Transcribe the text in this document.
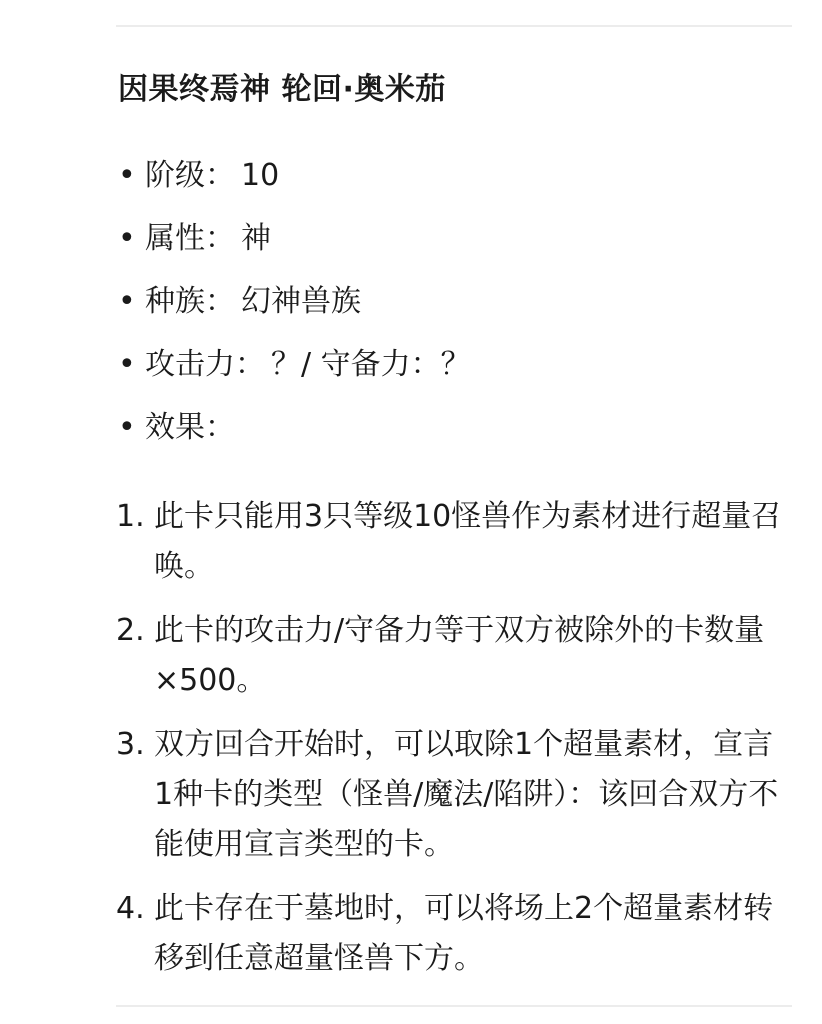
因果终焉神 轮回·奥米茄
• 阶级 ： 10
• 属性 ： 神
• 种族 ： 幻神兽族
• 攻击力 ： ？/ 守备力：？
• 效果 ：
1. 此卡只能用3只等级10怪兽作为素材进行超量召唤。
2. 此卡的攻击力/守备力等于双方被除外的卡数量×500。
3. 双方回合开始时，可以取除1个超量素材，宣言1种卡的类型（怪兽/魔法/陷阱）：该回合双方不能使用宣言类型的卡。
4. 此卡存在于墓地时，可以将场上2个超量素材转移到任意超量怪兽下方。
